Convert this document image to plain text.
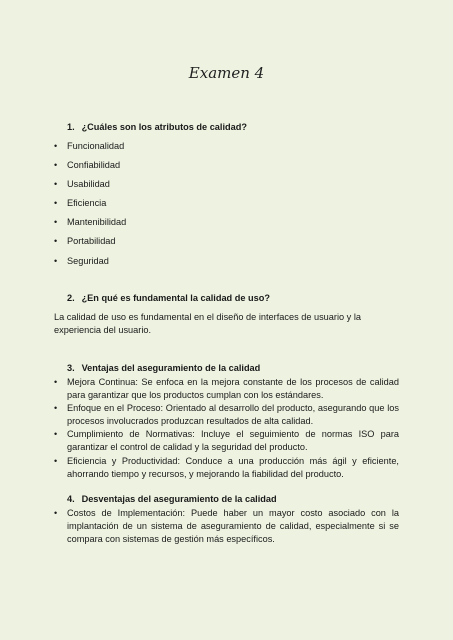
Examen 4
1. ¿Cuáles son los atributos de calidad?
• Funcionalidad
• Confiabilidad
• Usabilidad
• Eficiencia
• Mantenibilidad
• Portabilidad
• Seguridad
2. ¿En qué es fundamental la calidad de uso?

La calidad de uso es fundamental en el diseño de interfaces de usuario y la experiencia del usuario.

3. Ventajas del aseguramiento de la calidad
• Mejora Continua: Se enfoca en la mejora constante de los procesos de calidad para garantizar que los productos cumplan con los estándares.
• Enfoque en el Proceso: Orientado al desarrollo del producto, asegurando que los procesos involucrados produzcan resultados de alta calidad.
• Cumplimiento de Normativas: Incluye el seguimiento de normas ISO para garantizar el control de calidad y la seguridad del producto.
• Eficiencia y Productividad: Conduce a una producción más ágil y eficiente, ahorrando tiempo y recursos, y mejorando la fiabilidad del producto.
4. Desventajas del aseguramiento de la calidad
• Costos de Implementación: Puede haber un mayor costo asociado con la implantación de un sistema de aseguramiento de calidad, especialmente si se compara con sistemas de gestión más específicos.
